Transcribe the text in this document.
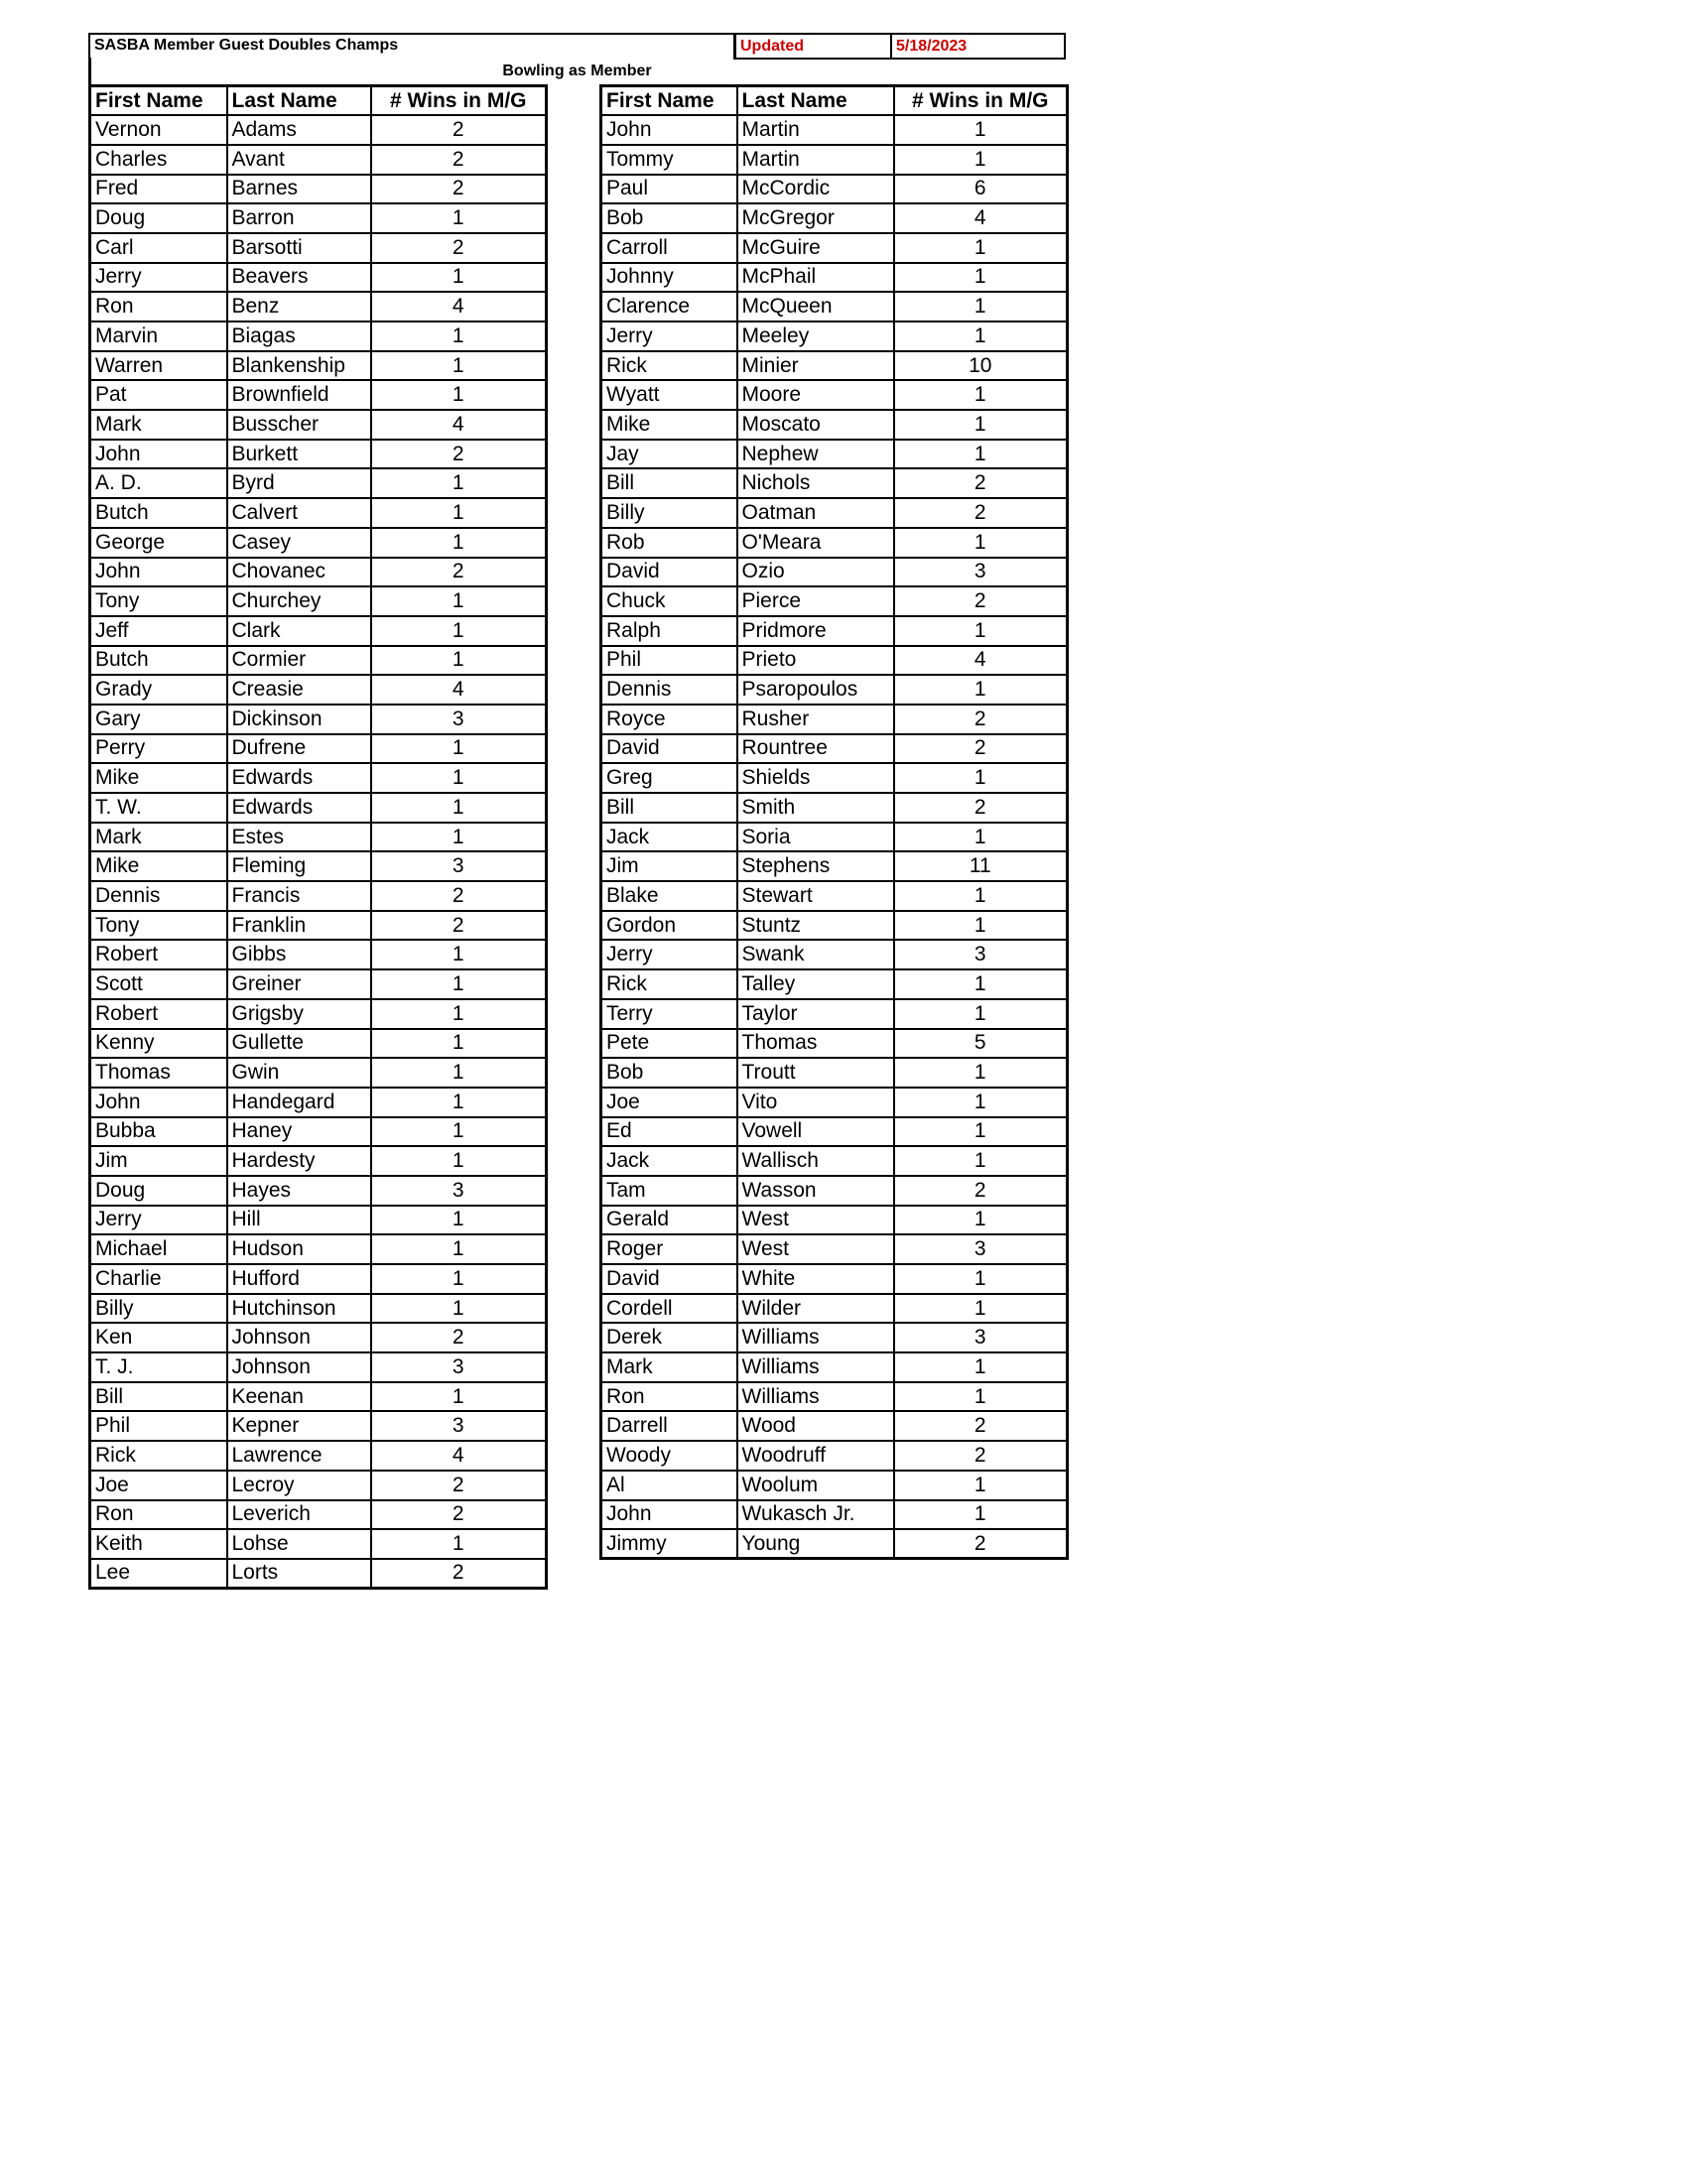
SASBA Member Guest Doubles Champs	Updated	5/18/2023
Bowling as Member
First Name	Last Name	# Wins in M/G
Vernon	Adams	2
Charles	Avant	2
Fred	Barnes	2
Doug	Barron	1
Carl	Barsotti	2
Jerry	Beavers	1
Ron	Benz	4
Marvin	Biagas	1
Warren	Blankenship	1
Pat	Brownfield	1
Mark	Busscher	4
John	Burkett	2
A. D.	Byrd	1
Butch	Calvert	1
George	Casey	1
John	Chovanec	2
Tony	Churchey	1
Jeff	Clark	1
Butch	Cormier	1
Grady	Creasie	4
Gary	Dickinson	3
Perry	Dufrene	1
Mike	Edwards	1
T. W.	Edwards	1
Mark	Estes	1
Mike	Fleming	3
Dennis	Francis	2
Tony	Franklin	2
Robert	Gibbs	1
Scott	Greiner	1
Robert	Grigsby	1
Kenny	Gullette	1
Thomas	Gwin	1
John	Handegard	1
Bubba	Haney	1
Jim	Hardesty	1
Doug	Hayes	3
Jerry	Hill	1
Michael	Hudson	1
Charlie	Hufford	1
Billy	Hutchinson	1
Ken	Johnson	2
T. J.	Johnson	3
Bill	Keenan	1
Phil	Kepner	3
Rick	Lawrence	4
Joe	Lecroy	2
Ron	Leverich	2
Keith	Lohse	1
Lee	Lorts	2
First Name	Last Name	# Wins in M/G
John	Martin	1
Tommy	Martin	1
Paul	McCordic	6
Bob	McGregor	4
Carroll	McGuire	1
Johnny	McPhail	1
Clarence	McQueen	1
Jerry	Meeley	1
Rick	Minier	10
Wyatt	Moore	1
Mike	Moscato	1
Jay	Nephew	1
Bill	Nichols	2
Billy	Oatman	2
Rob	O'Meara	1
David	Ozio	3
Chuck	Pierce	2
Ralph	Pridmore	1
Phil	Prieto	4
Dennis	Psaropoulos	1
Royce	Rusher	2
David	Rountree	2
Greg	Shields	1
Bill	Smith	2
Jack	Soria	1
Jim	Stephens	11
Blake	Stewart	1
Gordon	Stuntz	1
Jerry	Swank	3
Rick	Talley	1
Terry	Taylor	1
Pete	Thomas	5
Bob	Troutt	1
Joe	Vito	1
Ed	Vowell	1
Jack	Wallisch	1
Tam	Wasson	2
Gerald	West	1
Roger	West	3
David	White	1
Cordell	Wilder	1
Derek	Williams	3
Mark	Williams	1
Ron	Williams	1
Darrell	Wood	2
Woody	Woodruff	2
Al	Woolum	1
John	Wukasch Jr.	1
Jimmy	Young	2
